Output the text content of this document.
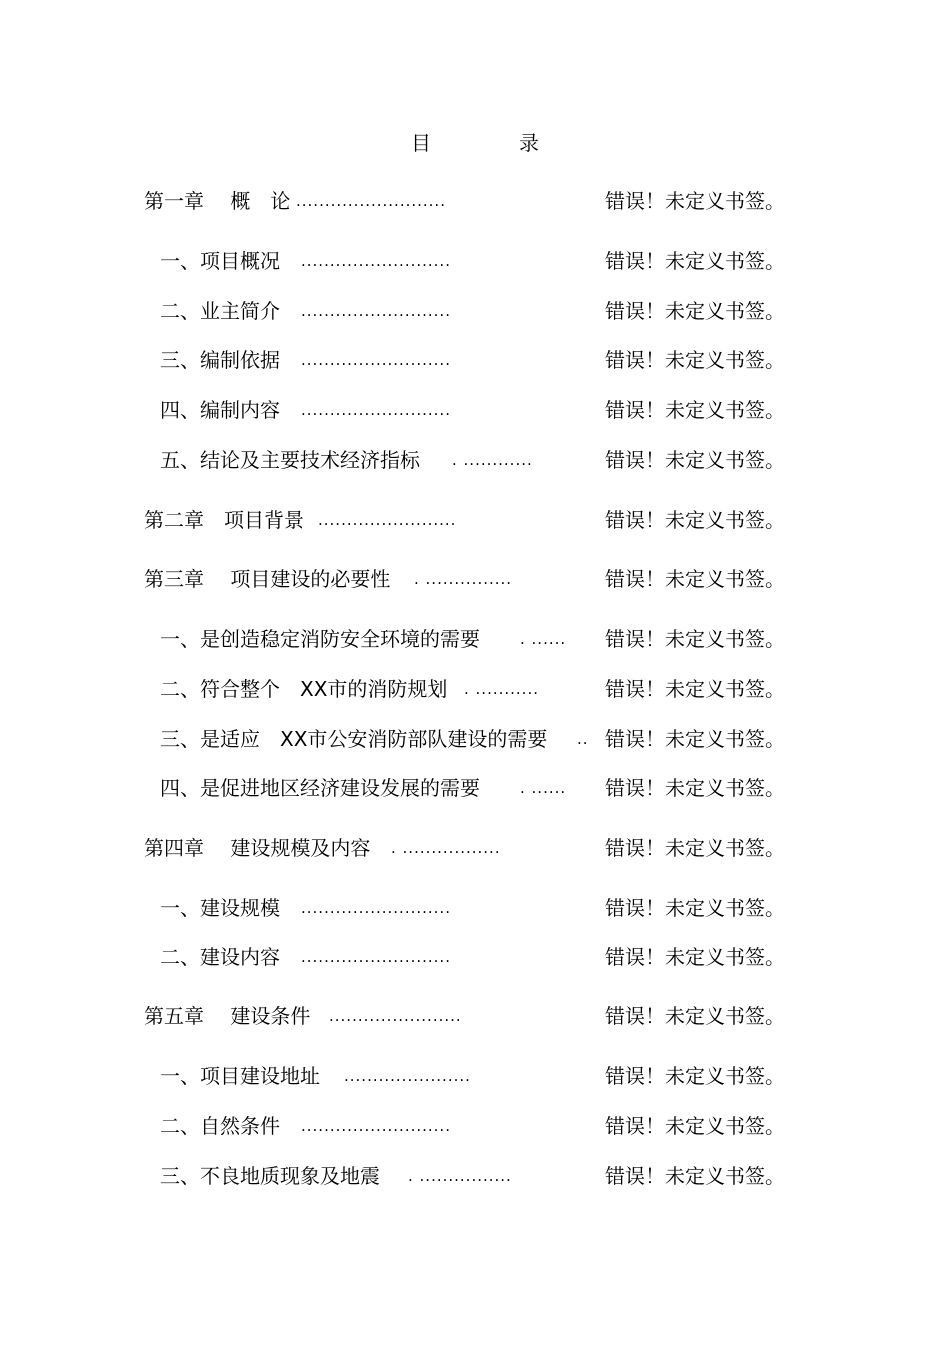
目　录
第一章　 概　论 ..........................	错误！未定义书签。
一、项目概况 ..........................	错误！未定义书签。
二、业主简介 ..........................	错误！未定义书签。
三、编制依据 ..........................	错误！未定义书签。
四、编制内容 ..........................	错误！未定义书签。
五、结论及主要技术经济指标 . ............	错误！未定义书签。
第二章　项目背景 ........................	错误！未定义书签。
第三章　 项目建设的必要性 . ...............	错误！未定义书签。
一、是创造稳定消防安全环境的需要	. ...... 错误！未定义书签。
二、符合整个　XX市的消防规划 . ...........	错误！未定义书签。
三、是适应　XX市公安消防部队建设的需要 .. 错误！未定义书签。
四、是促进地区经济建设发展的需要	. ...... 错误！未定义书签。
第四章　 建设规模及内容 . .................	错误！未定义书签。
一、建设规模 ..........................	错误！未定义书签。
二、建设内容 ..........................	错误！未定义书签。
第五章　 建设条件 .......................	错误！未定义书签。
一、项目建设地址 ......................	错误！未定义书签。
二、自然条件 ..........................	错误！未定义书签。
三、不良地质现象及地震 . ................	错误！未定义书签。
